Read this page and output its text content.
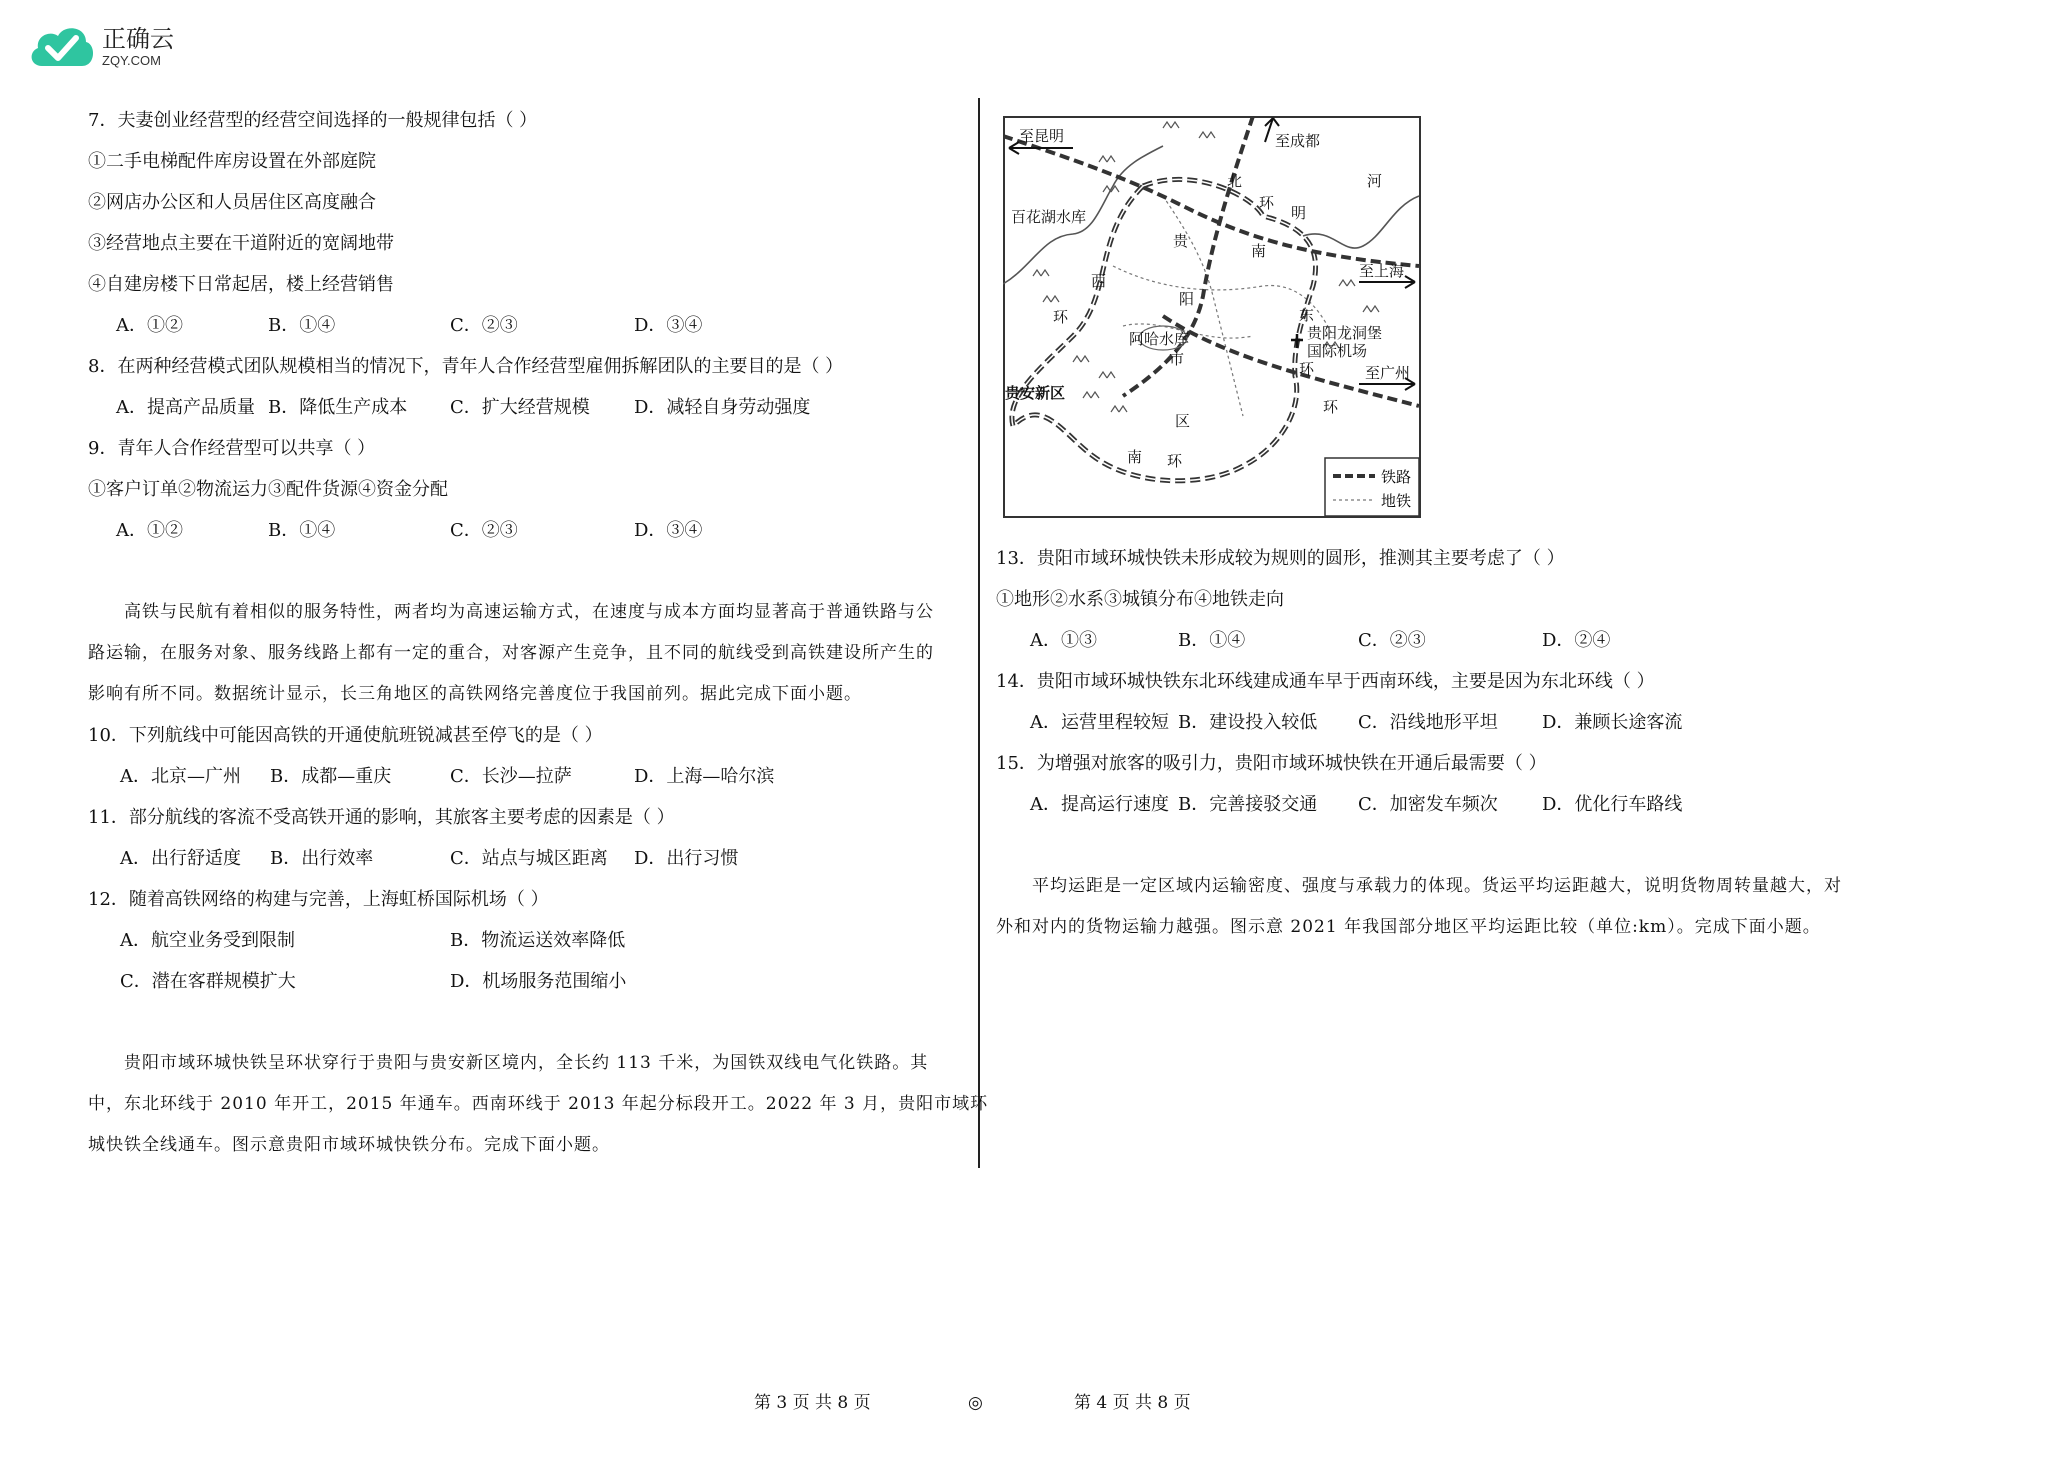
正确云
ZQY.COM
7．夫妻创业经营型的经营空间选择的一般规律包括（ ）
①二手电梯配件库房设置在外部庭院
②网店办公区和人员居住区高度融合
③经营地点主要在干道附近的宽阔地带
④自建房楼下日常起居，楼上经营销售
A．①②	B．①④	C．②③	D．③④
8．在两种经营模式团队规模相当的情况下，青年人合作经营型雇佣拆解团队的主要目的是（ ）
A．提高产品质量 B．降低生产成本 C．扩大经营规模 D．减轻自身劳动强度
9．青年人合作经营型可以共享（ ）
①客户订单②物流运力③配件货源④资金分配
A．①②	B．①④	C．②③	D．③④
高铁与民航有着相似的服务特性，两者均为高速运输方式，在速度与成本方面均显著高于普通铁路与公
路运输，在服务对象、服务线路上都有一定的重合，对客源产生竞争，且不同的航线受到高铁建设所产生的
影响有所不同。数据统计显示，长三角地区的高铁网络完善度位于我国前列。据此完成下面小题。
10．下列航线中可能因高铁的开通使航班锐减甚至停飞的是（ ）
A．北京—广州 B．成都—重庆	C．长沙—拉萨	D．上海—哈尔滨
11．部分航线的客流不受高铁开通的影响，其旅客主要考虑的因素是（ ）
A．出行舒适度 B．出行效率	C．站点与城区距离 D．出行习惯
12．随着高铁网络的构建与完善，上海虹桥国际机场（ ）
A．航空业务受到限制	B．物流运送效率降低
C．潜在客群规模扩大	D．机场服务范围缩小
贵阳市域环城快铁呈环状穿行于贵阳与贵安新区境内，全长约 113 千米，为国铁双线电气化铁路。其
中，东北环线于 2010 年开工，2015 年通车。西南环线于 2013 年起分标段开工。2022 年 3 月，贵阳市域环
城快铁全线通车。图示意贵阳市域环城快铁分布。完成下面小题。
至昆明	至成都
至上海
至广州
百花湖水库
阿哈水库
贵安新区
贵阳龙洞堡
国际机场
河
北
环
明
贵
阳
市
区
西
环
南 环
东
环
南
环
铁路
地铁
13．贵阳市域环城快铁未形成较为规则的圆形，推测其主要考虑了（ ）
①地形②水系③城镇分布④地铁走向
A．①③	B．①④	C．②③	D．②④
14．贵阳市域环城快铁东北环线建成通车早于西南环线，主要是因为东北环线（ ）
A．运营里程较短 B．建设投入较低 C．沿线地形平坦 D．兼顾长途客流
15．为增强对旅客的吸引力，贵阳市域环城快铁在开通后最需要（ ）
A．提高运行速度 B．完善接驳交通 C．加密发车频次 D．优化行车路线
平均运距是一定区域内运输密度、强度与承载力的体现。货运平均运距越大，说明货物周转量越大，对
外和对内的货物运输力越强。图示意 2021 年我国部分地区平均运距比较（单位:km）。完成下面小题。
第 3 页 共 8 页	◎	第 4 页 共 8 页
